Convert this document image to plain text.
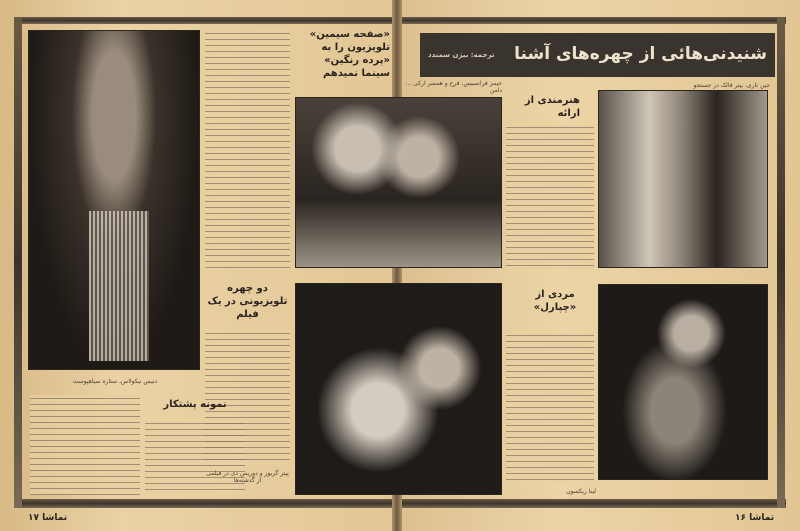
دنیس نیکولاس، ستاره سیاهپوست
نمونه پشتکار
«صفحه سیمین» تلویزیون را به «پرده رنگین» سینما نمیدهم
دو چهره تلویزیونی در یک فیلم
پیتر گریوز و دوریس دی در فیلمی از گذشته‌ها
جیمز فرانسیس، فرح و همسر ارکی ... دامن
شنیدنی‌هائی از چهره‌های آشنا
ترجمه: بیژن سمندد
جین تاری، پیتر فالک در جستجو
هنرمندی از ارائه
مردی از «چپارل»
لینا ریکسون
تماشا ۱۷	تماشا ۱۶
